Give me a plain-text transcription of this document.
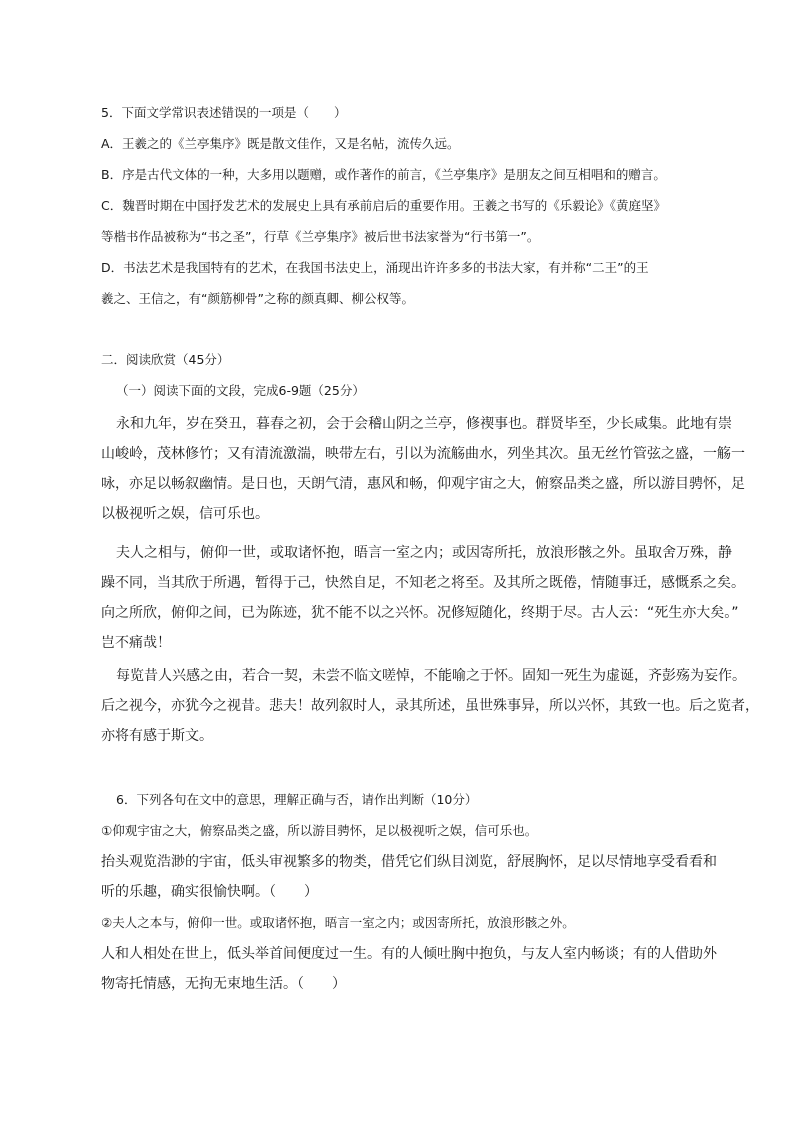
5．下面文学常识表述错误的一项是（　　）
A．王羲之的《兰亭集序》既是散文佳作，又是名帖，流传久远。
B．序是古代文体的一种，大多用以题赠，或作著作的前言，《兰亭集序》是朋友之间互相唱和的赠言。
C．魏晋时期在中国抒发艺术的发展史上具有承前启后的重要作用。王羲之书写的《乐毅论》《黄庭坚》
等楷书作品被称为“书之圣”，行草《兰亭集序》被后世书法家誉为“行书第一”。
D．书法艺术是我国特有的艺术，在我国书法史上，涌现出许许多多的书法大家，有并称“二王”的王
羲之、王信之，有“颜筋柳骨”之称的颜真卿、柳公权等。
二．阅读欣赏（45分）
（一）阅读下面的文段，完成6-9题（25分）
永和九年，岁在癸丑，暮春之初，会于会稽山阴之兰亭，修禊事也。群贤毕至，少长咸集。此地有崇
山峻岭，茂林修竹；又有清流激湍，映带左右，引以为流觞曲水，列坐其次。虽无丝竹管弦之盛，一觞一
咏，亦足以畅叙幽情。是日也，天朗气清，惠风和畅，仰观宇宙之大，俯察品类之盛，所以游目骋怀，足
以极视听之娱，信可乐也。
夫人之相与，俯仰一世，或取诸怀抱，晤言一室之内；或因寄所托，放浪形骸之外。虽取舍万殊，静
躁不同，当其欣于所遇，暂得于己，快然自足，不知老之将至。及其所之既倦，情随事迁，感慨系之矣。
向之所欣，俯仰之间，已为陈迹，犹不能不以之兴怀。况修短随化，终期于尽。古人云：“死生亦大矣。”
岂不痛哉！
每览昔人兴感之由，若合一契，未尝不临文嗟悼，不能喻之于怀。固知一死生为虚诞，齐彭殇为妄作。
后之视今，亦犹今之视昔。悲夫！故列叙时人，录其所述，虽世殊事异，所以兴怀，其致一也。后之览者，
亦将有感于斯文。
6．下列各句在文中的意思，理解正确与否，请作出判断（10分）
①仰观宇宙之大，俯察品类之盛，所以游目骋怀，足以极视听之娱，信可乐也。
抬头观览浩渺的宇宙，低头审视繁多的物类，借凭它们纵目浏览，舒展胸怀，足以尽情地享受看看和
听的乐趣，确实很愉快啊。（　　）
②夫人之本与，俯仰一世。或取诸怀抱，晤言一室之内；或因寄所托，放浪形骸之外。
人和人相处在世上，低头举首间便度过一生。有的人倾吐胸中抱负，与友人室内畅谈；有的人借助外
物寄托情感，无拘无束地生活。（　　）
